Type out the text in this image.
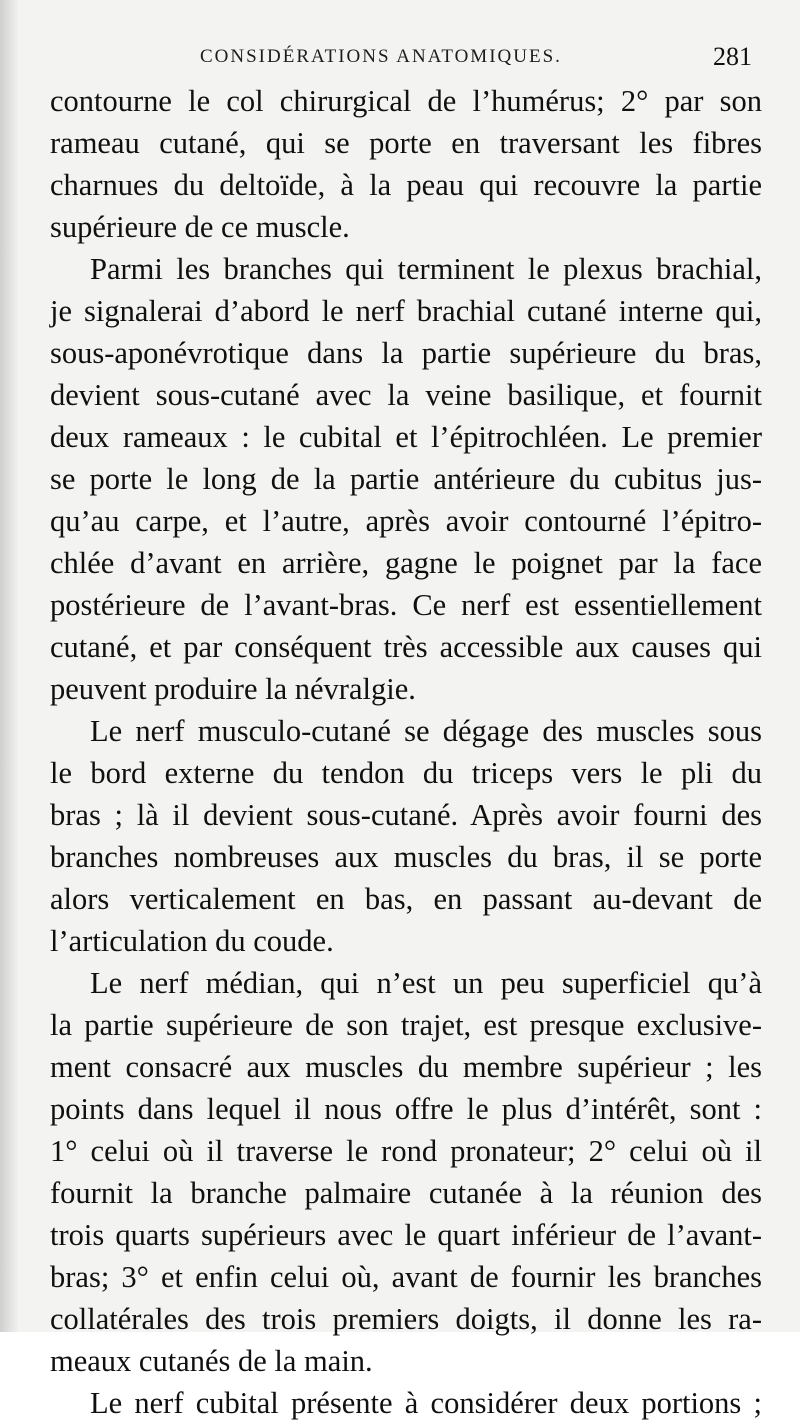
CONSIDÉRATIONS ANATOMIQUES.	281
contourne le col chirurgical de l’humérus; 2° par son
rameau cutané, qui se porte en traversant les fibres
charnues du deltoïde, à la peau qui recouvre la partie
supérieure de ce muscle.
Parmi les branches qui terminent le plexus brachial,
je signalerai d’abord le nerf brachial cutané interne qui,
sous-aponévrotique dans la partie supérieure du bras,
devient sous-cutané avec la veine basilique, et fournit
deux rameaux : le cubital et l’épitrochléen. Le premier
se porte le long de la partie antérieure du cubitus jus-
qu’au carpe, et l’autre, après avoir contourné l’épitro-
chlée d’avant en arrière, gagne le poignet par la face
postérieure de l’avant-bras. Ce nerf est essentiellement
cutané, et par conséquent très accessible aux causes qui
peuvent produire la névralgie.
Le nerf musculo-cutané se dégage des muscles sous
le bord externe du tendon du triceps vers le pli du
bras ; là il devient sous-cutané. Après avoir fourni des
branches nombreuses aux muscles du bras, il se porte
alors verticalement en bas, en passant au-devant de
l’articulation du coude.
Le nerf médian, qui n’est un peu superficiel qu’à
la partie supérieure de son trajet, est presque exclusive-
ment consacré aux muscles du membre supérieur ; les
points dans lequel il nous offre le plus d’intérêt, sont :
1° celui où il traverse le rond pronateur; 2° celui où il
fournit la branche palmaire cutanée à la réunion des
trois quarts supérieurs avec le quart inférieur de l’avant-
bras; 3° et enfin celui où, avant de fournir les branches
collatérales des trois premiers doigts, il donne les ra-
meaux cutanés de la main.
Le nerf cubital présente à considérer deux portions ;
